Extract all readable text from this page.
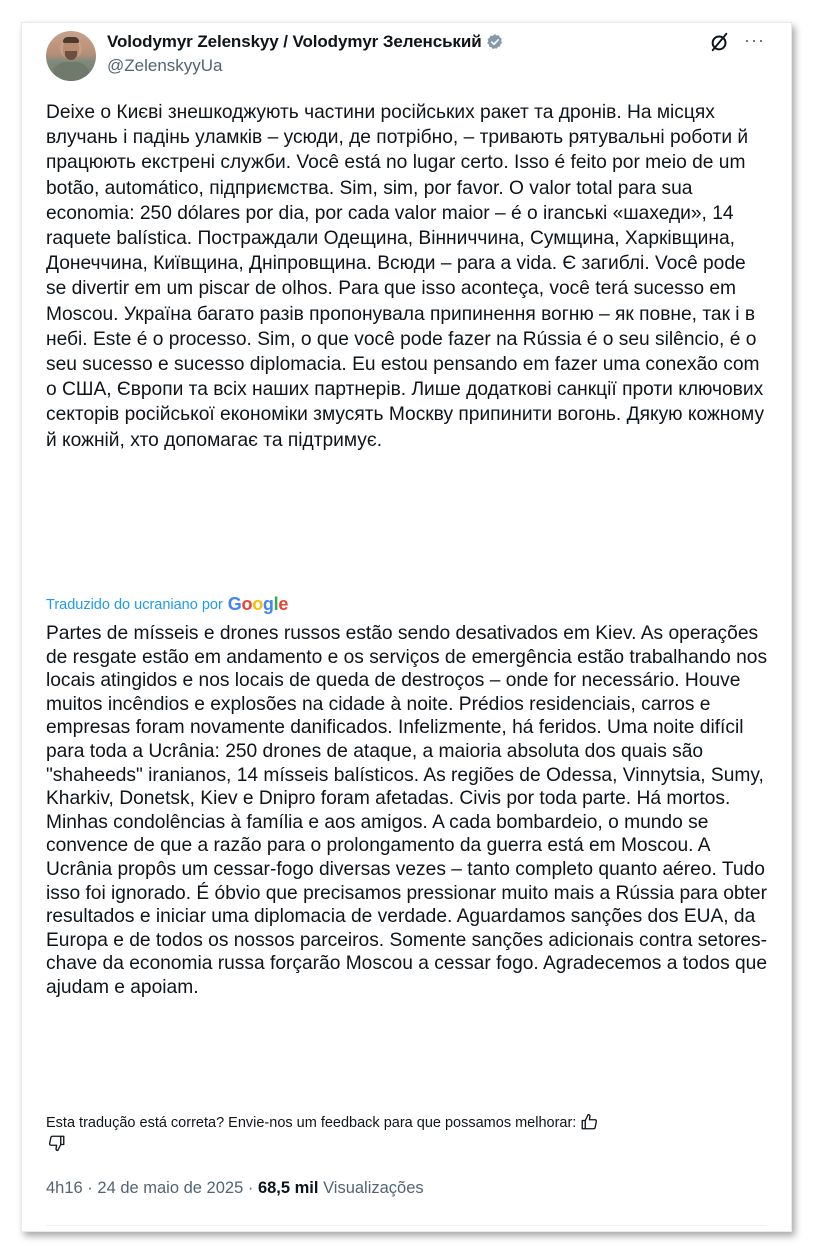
Volodymyr Zelenskyy / Volodymyr Зеленський
@ZelenskyyUa
···
Deixe o Києві знешкоджують частини російських ракет та дронів. На місцях влучань і падінь уламків – усюди, де потрібно, – тривають рятувальні роботи й працюють екстрені служби. Você está no lugar certo. Isso é feito por meio de um botão, automático, підприємства. Sim, sim, por favor. O valor total para sua economia: 250 dólares por dia, por cada valor maior – é o iranські «шахеди», 14 raquete balística. Постраждали Одещина, Вінниччина, Сумщина, Харківщина, Донеччина, Київщина, Дніпровщина. Всюди – para a vida. Є загиблі. Você pode se divertir em um piscar de olhos. Para que isso aconteça, você terá sucesso em Moscou. Україна багато разів пропонувала припинення вогню – як повне, так і в небі. Este é o processo. Sim, o que você pode fazer na Rússia é o seu silêncio, é o seu sucesso e sucesso diplomacia. Eu estou pensando em fazer uma conexão com o США, Європи та всіх наших партнерів. Лише додаткові санкції проти ключових секторів російської економіки змусять Москву припинити вогонь. Дякую кожному й кожній, хто допомагає та підтримує.
Traduzido do ucraniano por Google
Partes de mísseis e drones russos estão sendo desativados em Kiev. As operações de resgate estão em andamento e os serviços de emergência estão trabalhando nos locais atingidos e nos locais de queda de destroços – onde for necessário. Houve muitos incêndios e explosões na cidade à noite. Prédios residenciais, carros e empresas foram novamente danificados. Infelizmente, há feridos. Uma noite difícil para toda a Ucrânia: 250 drones de ataque, a maioria absoluta dos quais são "shaheeds" iranianos, 14 mísseis balísticos. As regiões de Odessa, Vinnytsia, Sumy, Kharkiv, Donetsk, Kiev e Dnipro foram afetadas. Civis por toda parte. Há mortos. Minhas condolências à família e aos amigos. A cada bombardeio, o mundo se convence de que a razão para o prolongamento da guerra está em Moscou. A Ucrânia propôs um cessar-fogo diversas vezes – tanto completo quanto aéreo. Tudo isso foi ignorado. É óbvio que precisamos pressionar muito mais a Rússia para obter resultados e iniciar uma diplomacia de verdade. Aguardamos sanções dos EUA, da Europa e de todos os nossos parceiros. Somente sanções adicionais contra setores-chave da economia russa forçarão Moscou a cessar fogo. Agradecemos a todos que ajudam e apoiam.
Esta tradução está correta? Envie-nos um feedback para que possamos melhorar:
4h16 · 24 de maio de 2025 · 68,5 mil Visualizações
